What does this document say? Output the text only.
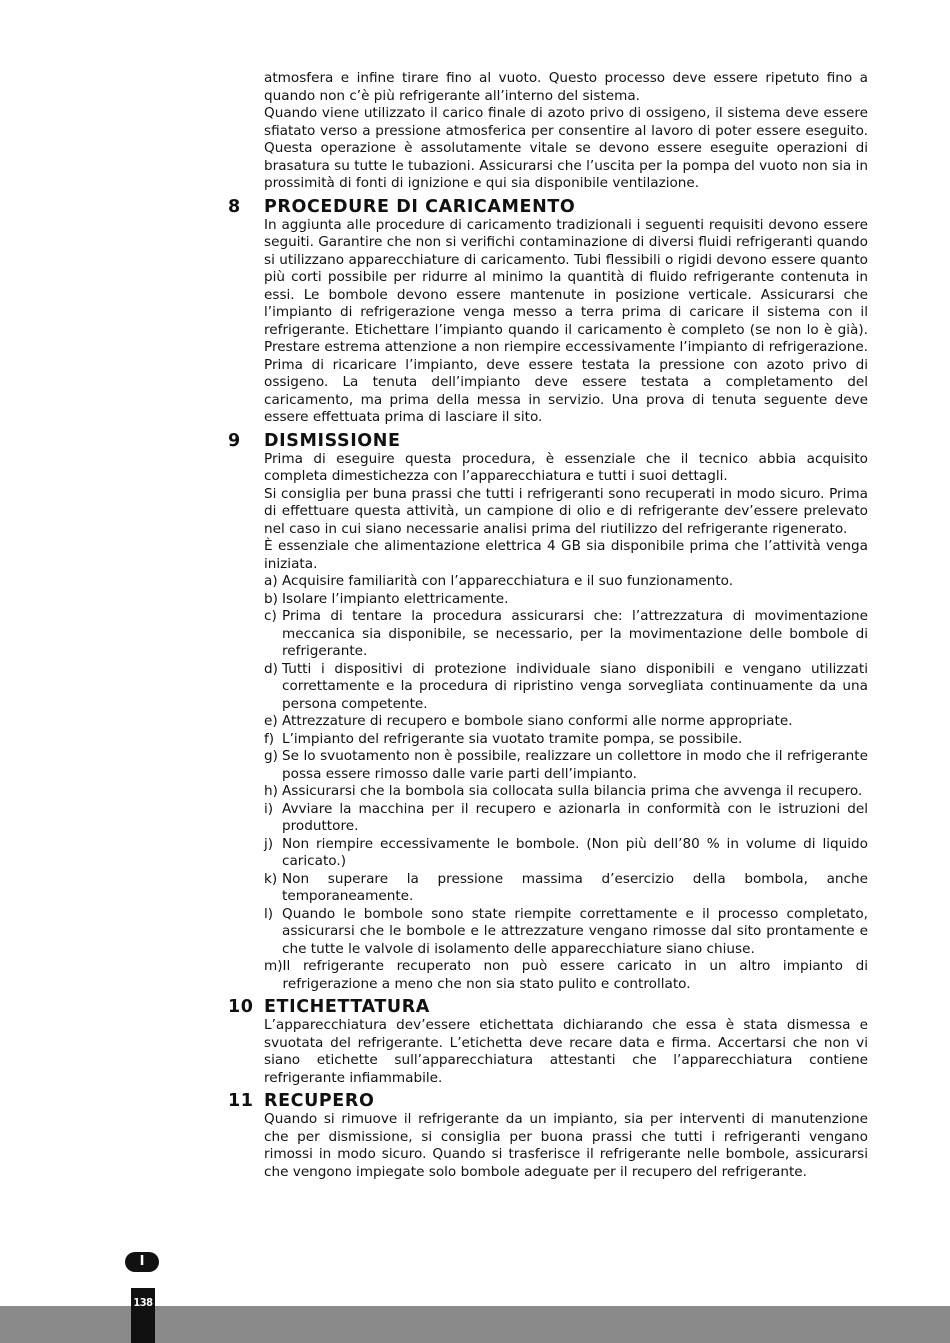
atmosfera e infine tirare fino al vuoto. Questo processo deve essere ripetuto fino a quando non c’è più refrigerante all’interno del sistema.

Quando viene utilizzato il carico finale di azoto privo di ossigeno, il sistema deve essere sfiatato verso a pressione atmosferica per consentire al lavoro di poter essere eseguito. Questa operazione è assolutamente vitale se devono essere eseguite operazioni di brasatura su tutte le tubazioni. Assicurarsi che l’uscita per la pompa del vuoto non sia in prossimità di fonti di ignizione e qui sia disponibile ventilazione.

8	PROCEDURE DI CARICAMENTO

In aggiunta alle procedure di caricamento tradizionali i seguenti requisiti devono essere seguiti. Garantire che non si verifichi contaminazione di diversi fluidi refrigeranti quando si utilizzano apparecchiature di caricamento. Tubi flessibili o rigidi devono essere quanto più corti possibile per ridurre al minimo la quantità di fluido refrigerante contenuta in essi. Le bombole devono essere mantenute in posizione verticale. Assicurarsi che l’impianto di refrigerazione venga messo a terra prima di caricare il sistema con il refrigerante. Etichettare l’impianto quando il caricamento è completo (se non lo è già). Prestare estrema attenzione a non riempire eccessivamente l’impianto di refrigerazione. Prima di ricaricare l’impianto, deve essere testata la pressione con azoto privo di ossigeno. La tenuta dell’impianto deve essere testata a completamento del caricamento, ma prima della messa in servizio. Una prova di tenuta seguente deve essere effettuata prima di lasciare il sito.

9	DISMISSIONE

Prima di eseguire questa procedura, è essenziale che il tecnico abbia acquisito completa dimestichezza con l’apparecchiatura e tutti i suoi dettagli.

Si consiglia per buna prassi che tutti i refrigeranti sono recuperati in modo sicuro. Prima di effettuare questa attività, un campione di olio e di refrigerante dev’essere prelevato nel caso in cui siano necessarie analisi prima del riutilizzo del refrigerante rigenerato.

È essenziale che alimentazione elettrica 4 GB sia disponibile prima che l’attività venga iniziata.

a) Acquisire familiarità con l’apparecchiatura e il suo funzionamento.
b) Isolare l’impianto elettricamente.
c) Prima di tentare la procedura assicurarsi che: l’attrezzatura di movimentazione meccanica sia disponibile, se necessario, per la movimentazione delle bombole di refrigerante.
d) Tutti i dispositivi di protezione individuale siano disponibili e vengano utilizzati correttamente e la procedura di ripristino venga sorvegliata continuamente da una persona competente.
e) Attrezzature di recupero e bombole siano conformi alle norme appropriate.
f) L’impianto del refrigerante sia vuotato tramite pompa, se possibile.
g) Se lo svuotamento non è possibile, realizzare un collettore in modo che il refrigerante possa essere rimosso dalle varie parti dell’impianto.
h) Assicurarsi che la bombola sia collocata sulla bilancia prima che avvenga il recupero.
i) Avviare la macchina per il recupero e azionarla in conformità con le istruzioni del produttore.
j) Non riempire eccessivamente le bombole. (Non più dell’80 % in volume di liquido caricato.)
k) Non superare la pressione massima d’esercizio della bombola, anche temporaneamente.
l) Quando le bombole sono state riempite correttamente e il processo completato, assicurarsi che le bombole e le attrezzature vengano rimosse dal sito prontamente e che tutte le valvole di isolamento delle apparecchiature siano chiuse.
m) Il refrigerante recuperato non può essere caricato in un altro impianto di refrigerazione a meno che non sia stato pulito e controllato.
10 ETICHETTATURA

L’apparecchiatura dev’essere etichettata dichiarando che essa è stata dismessa e svuotata del refrigerante. L’etichetta deve recare data e firma. Accertarsi che non vi siano etichette sull’apparecchiatura attestanti che l’apparecchiatura contiene refrigerante infiammabile.

11 RECUPERO

Quando si rimuove il refrigerante da un impianto, sia per interventi di manutenzione che per dismissione, si consiglia per buona prassi che tutti i refrigeranti vengano rimossi in modo sicuro. Quando si trasferisce il refrigerante nelle bombole, assicurarsi che vengono impiegate solo bombole adeguate per il recupero del refrigerante.

I
138
